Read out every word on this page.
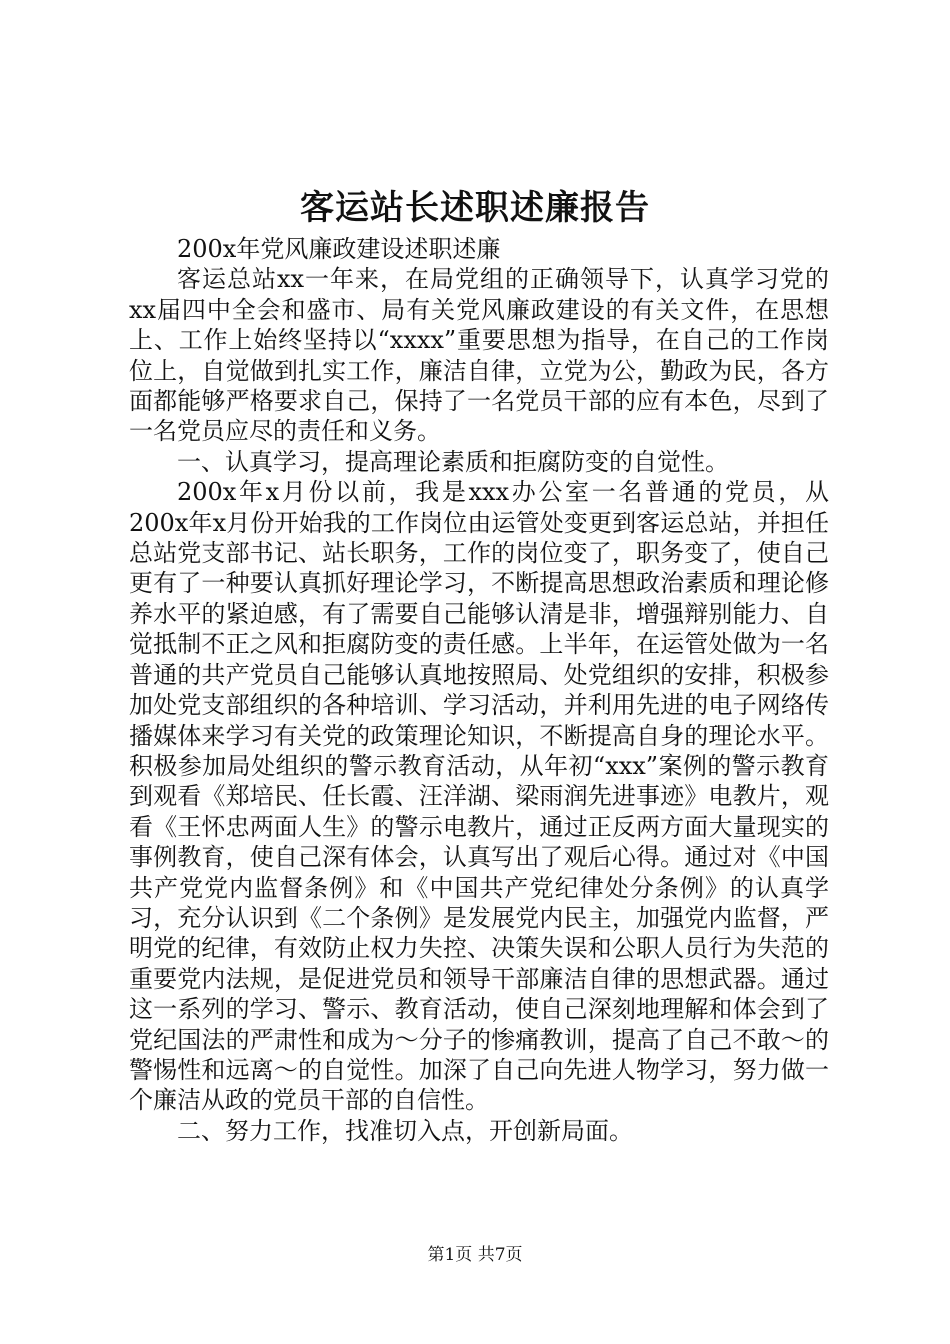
客运站长述职述廉报告

200x年党风廉政建设述职述廉

客运总站xx一年来，在局党组的正确领导下，认真学习党的xx届四中全会和盛市、局有关党风廉政建设的有关文件，在思想上、工作上始终坚持以“xxxx”重要思想为指导，在自己的工作岗位上，自觉做到扎实工作，廉洁自律，立党为公，勤政为民，各方面都能够严格要求自己，保持了一名党员干部的应有本色，尽到了一名党员应尽的责任和义务。

一、认真学习，提高理论素质和拒腐防变的自觉性。

200x年x月份以前，我是xxx办公室一名普通的党员，从200x年x月份开始我的工作岗位由运管处变更到客运总站，并担任总站党支部书记、站长职务，工作的岗位变了，职务变了，使自己更有了一种要认真抓好理论学习，不断提高思想政治素质和理论修养水平的紧迫感，有了需要自己能够认清是非，增强辩别能力、自觉抵制不正之风和拒腐防变的责任感。上半年，在运管处做为一名普通的共产党员自己能够认真地按照局、处党组织的安排，积极参加处党支部组织的各种培训、学习活动，并利用先进的电子网络传播媒体来学习有关党的政策理论知识，不断提高自身的理论水平。积极参加局处组织的警示教育活动，从年初“xxx”案例的警示教育到观看《郑培民、任长霞、汪洋湖、梁雨润先进事迹》电教片，观看《王怀忠两面人生》的警示电教片，通过正反两方面大量现实的事例教育，使自己深有体会，认真写出了观后心得。通过对《中国共产党党内监督条例》和《中国共产党纪律处分条例》的认真学习，充分认识到《二个条例》是发展党内民主，加强党内监督，严明党的纪律，有效防止权力失控、决策失误和公职人员行为失范的重要党内法规，是促进党员和领导干部廉洁自律的思想武器。通过这一系列的学习、警示、教育活动，使自己深刻地理解和体会到了党纪国法的严肃性和成为～分子的惨痛教训，提高了自己不敢～的警惕性和远离～的自觉性。加深了自己向先进人物学习，努力做一个廉洁从政的党员干部的自信性。

二、努力工作，找准切入点，开创新局面。

第1页 共7页
